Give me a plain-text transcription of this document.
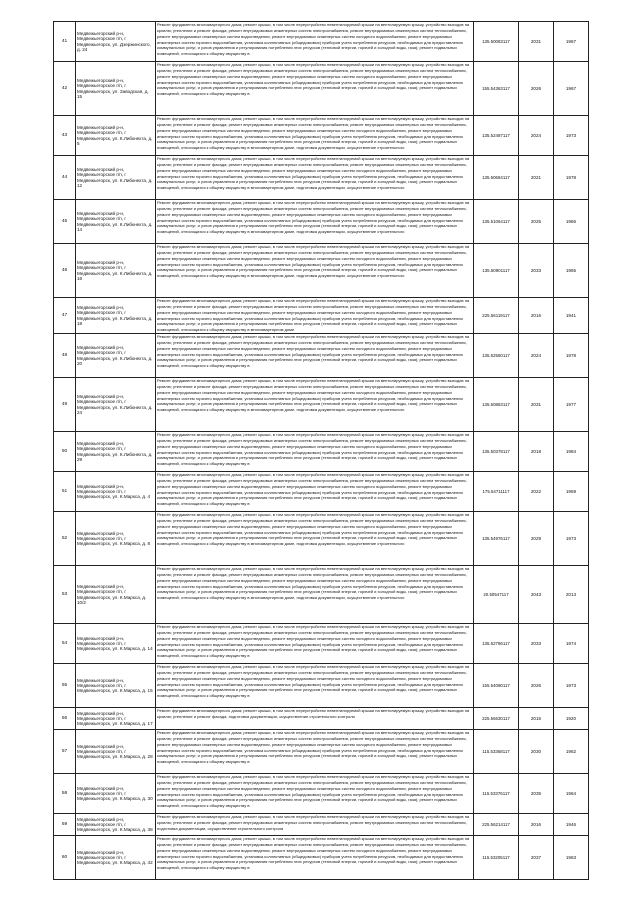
41	Медвежьегорский р-н, Медвежьегорское г/п, г Медвежьегорск, ул. Дзержинского, д. 24	Ремонт фундамента многоквартирного дома; ремонт крыши, в том числе переустройство невентилируемой крыши на вентилируемую крышу, устройство выходов на кровлю; утепление и ремонт фасада; ремонт внутридомовых инженерных систем электроснабжения, ремонт внутридомовых инженерных систем теплоснабжения, ремонт внутридомовых инженерных систем водоотведения, ремонт внутридомовых инженерных систем холодного водоснабжения, ремонт внутридомовых инженерных систем горячего водоснабжения, установка коллективных (общедомовых) приборов учета потребления ресурсов, необходимых для предоставления коммунальных услуг, и узлов управления и регулирования потребления этих ресурсов (тепловой энергии, горячей и холодной воды, газа); ремонт подвальных помещений, относящихся к общему имуществу в	135.50083117	2031	1967
42	Медвежьегорский р-н, Медвежьегорское г/п, г Медвежьегорск, ул. Заводская, д. 15	Ремонт фундамента многоквартирного дома; ремонт крыши, в том числе переустройство невентилируемой крыши на вентилируемую крышу, устройство выходов на кровлю; утепление и ремонт фасада; ремонт внутридомовых инженерных систем электроснабжения, ремонт внутридомовых инженерных систем теплоснабжения, ремонт внутридомовых инженерных систем водоотведения, ремонт внутридомовых инженерных систем холодного водоснабжения, ремонт внутридомовых инженерных систем горячего водоснабжения, установка коллективных (общедомовых) приборов учета потребления ресурсов, необходимых для предоставления коммунальных услуг, и узлов управления и регулирования потребления этих ресурсов (тепловой энергии, горячей и холодной воды, газа); ремонт подвальных помещений, относящихся к общему имуществу в	155.54363117	2026	1967
43	Медвежьегорский р-н, Медвежьегорское г/п, г Медвежьегорск, ул. К.Либкнехта, д. 5	Ремонт фундамента многоквартирного дома; ремонт крыши, в том числе переустройство невентилируемой крыши на вентилируемую крышу, устройство выходов на кровлю; утепление и ремонт фасада; ремонт внутридомовых инженерных систем электроснабжения, ремонт внутридомовых инженерных систем теплоснабжения, ремонт внутридомовых инженерных систем водоотведения, ремонт внутридомовых инженерных систем холодного водоснабжения, ремонт внутридомовых инженерных систем горячего водоснабжения, установка коллективных (общедомовых) приборов учета потребления ресурсов, необходимых для предоставления коммунальных услуг, и узлов управления и регулирования потребления этих ресурсов (тепловой энергии, горячей и холодной воды, газа); ремонт подвальных помещений, относящихся к общему имуществу в многоквартирном доме, подготовка документации, осуществление строительного	135.52487117	2024	1973
44	Медвежьегорский р-н, Медвежьегорское г/п, г Медвежьегорск, ул. К.Либкнехта, д. 12	Ремонт фундамента многоквартирного дома; ремонт крыши, в том числе переустройство невентилируемой крыши на вентилируемую крышу, устройство выходов на кровлю; утепление и ремонт фасада; ремонт внутридомовых инженерных систем электроснабжения, ремонт внутридомовых инженерных систем теплоснабжения, ремонт внутридомовых инженерных систем водоотведения, ремонт внутридомовых инженерных систем холодного водоснабжения, ремонт внутридомовых инженерных систем горячего водоснабжения, установка коллективных (общедомовых) приборов учета потребления ресурсов, необходимых для предоставления коммунальных услуг, и узлов управления и регулирования потребления этих ресурсов (тепловой энергии, горячей и холодной воды, газа); ремонт подвальных помещений, относящихся к общему имуществу в многоквартирном доме, подготовка документации, осуществление строительного	135.50684117	2021	1978
45	Медвежьегорский р-н, Медвежьегорское г/п, г Медвежьегорск, ул. К.Либкнехта, д. 14	Ремонт фундамента многоквартирного дома; ремонт крыши, в том числе переустройство невентилируемой крыши на вентилируемую крышу, устройство выходов на кровлю; утепление и ремонт фасада; ремонт внутридомовых инженерных систем электроснабжения, ремонт внутридомовых инженерных систем теплоснабжения, ремонт внутридомовых инженерных систем водоотведения, ремонт внутридомовых инженерных систем холодного водоснабжения, ремонт внутридомовых инженерных систем горячего водоснабжения, установка коллективных (общедомовых) приборов учета потребления ресурсов, необходимых для предоставления коммунальных услуг, и узлов управления и регулирования потребления этих ресурсов (тепловой энергии, горячей и холодной воды, газа); ремонт подвальных помещений, относящихся к общему имуществу в многоквартирном доме, подготовка документации, осуществление строительного	135.51064117	2025	1966
46	Медвежьегорский р-н, Медвежьегорское г/п, г Медвежьегорск, ул. К.Либкнехта, д. 16	Ремонт фундамента многоквартирного дома; ремонт крыши, в том числе переустройство невентилируемой крыши на вентилируемую крышу, устройство выходов на кровлю; утепление и ремонт фасада; ремонт внутридомовых инженерных систем электроснабжения, ремонт внутридомовых инженерных систем теплоснабжения, ремонт внутридомовых инженерных систем водоотведения, ремонт внутридомовых инженерных систем холодного водоснабжения, ремонт внутридомовых инженерных систем горячего водоснабжения, установка коллективных (общедомовых) приборов учета потребления ресурсов, необходимых для предоставления коммунальных услуг, и узлов управления и регулирования потребления этих ресурсов (тепловой энергии, горячей и холодной воды, газа); ремонт подвальных помещений, относящихся к общему имуществу в многоквартирном доме, подготовка документации, осуществление строительного	135.50901117	2033	1965
47	Медвежьегорский р-н, Медвежьегорское г/п, г Медвежьегорск, ул. К.Либкнехта, д. 18	Ремонт фундамента многоквартирного дома; ремонт крыши, в том числе переустройство невентилируемой крыши на вентилируемую крышу, устройство выходов на кровлю; утепление и ремонт фасада; ремонт внутридомовых инженерных систем электроснабжения, ремонт внутридомовых инженерных систем теплоснабжения, ремонт внутридомовых инженерных систем водоотведения, ремонт внутридомовых инженерных систем холодного водоснабжения, ремонт внутридомовых инженерных систем горячего водоснабжения, установка коллективных (общедомовых) приборов учета потребления ресурсов, необходимых для предоставления коммунальных услуг, и узлов управления и регулирования потребления этих ресурсов (тепловой энергии, горячей и холодной воды, газа); ремонт подвальных помещений, относящихся к общему имуществу в многоквартирном доме	225.56119117	2016	1941
48	Медвежьегорский р-н, Медвежьегорское г/п, г Медвежьегорск, ул. К.Либкнехта, д. 20	Ремонт фундамента многоквартирного дома; ремонт крыши, в том числе переустройство невентилируемой крыши на вентилируемую крышу, устройство выходов на кровлю; утепление и ремонт фасада; ремонт внутридомовых инженерных систем электроснабжения, ремонт внутридомовых инженерных систем теплоснабжения, ремонт внутридомовых инженерных систем водоотведения, ремонт внутридомовых инженерных систем холодного водоснабжения, ремонт внутридомовых инженерных систем горячего водоснабжения, установка коллективных (общедомовых) приборов учета потребления ресурсов, необходимых для предоставления коммунальных услуг, и узлов управления и регулирования потребления этих ресурсов (тепловой энергии, горячей и холодной воды, газа); ремонт подвальных помещений, относящихся к общему имуществу в	135.52560117	2024	1978
49	Медвежьегорский р-н, Медвежьегорское г/п, г Медвежьегорск, ул. К.Либкнехта, д. 24	Ремонт фундамента многоквартирного дома; ремонт крыши, в том числе переустройство невентилируемой крыши на вентилируемую крышу, устройство выходов на кровлю; утепление и ремонт фасада; ремонт внутридомовых инженерных систем электроснабжения, ремонт внутридомовых инженерных систем теплоснабжения, ремонт внутридомовых инженерных систем водоотведения, ремонт внутридомовых инженерных систем холодного водоснабжения, ремонт внутридомовых инженерных систем горячего водоснабжения, установка коллективных (общедомовых) приборов учета потребления ресурсов, необходимых для предоставления коммунальных услуг, и узлов управления и регулирования потребления этих ресурсов (тепловой энергии, горячей и холодной воды, газа); ремонт подвальных помещений, относящихся к общему имуществу в многоквартирном доме, подготовка документации, осуществление строительного	135.50863117	2031	1977
50	Медвежьегорский р-н, Медвежьегорское г/п, г Медвежьегорск, ул. К.Либкнехта, д. 29	Ремонт фундамента многоквартирного дома; ремонт крыши, в том числе переустройство невентилируемой крыши на вентилируемую крышу, устройство выходов на кровлю; утепление и ремонт фасада; ремонт внутридомовых инженерных систем электроснабжения, ремонт внутридомовых инженерных систем теплоснабжения, ремонт внутридомовых инженерных систем водоотведения, ремонт внутридомовых инженерных систем холодного водоснабжения, ремонт внутридомовых инженерных систем горячего водоснабжения, установка коллективных (общедомовых) приборов учета потребления ресурсов, необходимых для предоставления коммунальных услуг, и узлов управления и регулирования потребления этих ресурсов (тепловой энергии, горячей и холодной воды, газа); ремонт подвальных помещений, относящихся к общему имуществу в	135.50378117	2018	1984
51	Медвежьегорский р-н, Медвежьегорское г/п, г Медвежьегорск, ул. К.Маркса, д. 4	Ремонт фундамента многоквартирного дома; ремонт крыши, в том числе переустройство невентилируемой крыши на вентилируемую крышу, устройство выходов на кровлю; утепление и ремонт фасада; ремонт внутридомовых инженерных систем электроснабжения, ремонт внутридомовых инженерных систем теплоснабжения, ремонт внутридомовых инженерных систем водоотведения, ремонт внутридомовых инженерных систем холодного водоснабжения, ремонт внутридомовых инженерных систем горячего водоснабжения, установка коллективных (общедомовых) приборов учета потребления ресурсов, необходимых для предоставления коммунальных услуг, и узлов управления и регулирования потребления этих ресурсов (тепловой энергии, горячей и холодной воды, газа); ремонт подвальных помещений, относящихся к общему имуществу в	175.54711117	2022	1959
52	Медвежьегорский р-н, Медвежьегорское г/п, г Медвежьегорск, ул. К.Маркса, д. 8	Ремонт фундамента многоквартирного дома; ремонт крыши, в том числе переустройство невентилируемой крыши на вентилируемую крышу, устройство выходов на кровлю; утепление и ремонт фасада; ремонт внутридомовых инженерных систем электроснабжения, ремонт внутридомовых инженерных систем теплоснабжения, ремонт внутридомовых инженерных систем водоотведения, ремонт внутридомовых инженерных систем холодного водоснабжения, ремонт внутридомовых инженерных систем горячего водоснабжения, установка коллективных (общедомовых) приборов учета потребления ресурсов, необходимых для предоставления коммунальных услуг, и узлов управления и регулирования потребления этих ресурсов (тепловой энергии, горячей и холодной воды, газа); ремонт подвальных помещений, относящихся к общему имуществу в многоквартирном доме, подготовка документации, осуществление строительного	135.54976117	2029	1973
53	Медвежьегорский р-н, Медвежьегорское г/п, г Медвежьегорск, ул. К.Маркса, д. 10/2	Ремонт фундамента многоквартирного дома; ремонт крыши, в том числе переустройство невентилируемой крыши на вентилируемую крышу, устройство выходов на кровлю; утепление и ремонт фасада; ремонт внутридомовых инженерных систем электроснабжения, ремонт внутридомовых инженерных систем теплоснабжения, ремонт внутридомовых инженерных систем водоотведения, ремонт внутридомовых инженерных систем холодного водоснабжения, ремонт внутридомовых инженерных систем горячего водоснабжения, установка коллективных (общедомовых) приборов учета потребления ресурсов, необходимых для предоставления коммунальных услуг, и узлов управления и регулирования потребления этих ресурсов (тепловой энергии, горячей и холодной воды, газа); ремонт подвальных помещений, относящихся к общему имуществу в многоквартирном доме, подготовка документации, осуществление строительного	20.50547117	2043	2013
54	Медвежьегорский р-н, Медвежьегорское г/п, г Медвежьегорск, ул. К.Маркса, д. 14	Ремонт фундамента многоквартирного дома; ремонт крыши, в том числе переустройство невентилируемой крыши на вентилируемую крышу, устройство выходов на кровлю; утепление и ремонт фасада; ремонт внутридомовых инженерных систем электроснабжения, ремонт внутридомовых инженерных систем теплоснабжения, ремонт внутридомовых инженерных систем водоотведения, ремонт внутридомовых инженерных систем холодного водоснабжения, ремонт внутридомовых инженерных систем горячего водоснабжения, установка коллективных (общедомовых) приборов учета потребления ресурсов, необходимых для предоставления коммунальных услуг, и узлов управления и регулирования потребления этих ресурсов (тепловой энергии, горячей и холодной воды, газа); ремонт подвальных помещений, относящихся к общему имуществу в	135.52786117	2033	1974
55	Медвежьегорский р-н, Медвежьегорское г/п, г Медвежьегорск, ул. К.Маркса, д. 15	Ремонт фундамента многоквартирного дома; ремонт крыши, в том числе переустройство невентилируемой крыши на вентилируемую крышу, устройство выходов на кровлю; утепление и ремонт фасада; ремонт внутридомовых инженерных систем электроснабжения, ремонт внутридомовых инженерных систем теплоснабжения, ремонт внутридомовых инженерных систем водоотведения, ремонт внутридомовых инженерных систем холодного водоснабжения, ремонт внутридомовых инженерных систем горячего водоснабжения, установка коллективных (общедомовых) приборов учета потребления ресурсов, необходимых для предоставления коммунальных услуг, и узлов управления и регулирования потребления этих ресурсов (тепловой энергии, горячей и холодной воды, газа); ремонт подвальных помещений, относящихся к общему имуществу в	155.54080117	2026	1973
56	Медвежьегорский р-н, Медвежьегорское г/п, г Медвежьегорск, ул. К.Маркса, д. 17	Ремонт фундамента многоквартирного дома; ремонт крыши, в том числе переустройство невентилируемой крыши на вентилируемую крышу, устройство выходов на кровлю; утепление и ремонт фасада, подготовка документации, осуществление строительного контроля	225.56630117	2016	1920
57	Медвежьегорский р-н, Медвежьегорское г/п, г Медвежьегорск, ул. К.Маркса, д. 28	Ремонт фундамента многоквартирного дома; ремонт крыши, в том числе переустройство невентилируемой крыши на вентилируемую крышу, устройство выходов на кровлю; утепление и ремонт фасада; ремонт внутридомовых инженерных систем электроснабжения, ремонт внутридомовых инженерных систем теплоснабжения, ремонт внутридомовых инженерных систем водоотведения, ремонт внутридомовых инженерных систем холодного водоснабжения, ремонт внутридомовых инженерных систем горячего водоснабжения, установка коллективных (общедомовых) приборов учета потребления ресурсов, необходимых для предоставления коммунальных услуг, и узлов управления и регулирования потребления этих ресурсов (тепловой энергии, горячей и холодной воды, газа); ремонт подвальных помещений, относящихся к общему имуществу в	115.53368117	2030	1962
58	Медвежьегорский р-н, Медвежьегорское г/п, г Медвежьегорск, ул. К.Маркса, д. 30	Ремонт фундамента многоквартирного дома; ремонт крыши, в том числе переустройство невентилируемой крыши на вентилируемую крышу, устройство выходов на кровлю; утепление и ремонт фасада; ремонт внутридомовых инженерных систем электроснабжения, ремонт внутридомовых инженерных систем теплоснабжения, ремонт внутридомовых инженерных систем водоотведения, ремонт внутридомовых инженерных систем холодного водоснабжения, ремонт внутридомовых инженерных систем горячего водоснабжения, установка коллективных (общедомовых) приборов учета потребления ресурсов, необходимых для предоставления коммунальных услуг, и узлов управления и регулирования потребления этих ресурсов (тепловой энергии, горячей и холодной воды, газа); ремонт подвальных помещений, относящихся к общему имуществу в	115.53376117	2035	1964
59	Медвежьегорский р-н, Медвежьегорское г/п, г Медвежьегорск, ул. К.Маркса, д. 38	Ремонт фундамента многоквартирного дома; ремонт крыши, в том числе переустройство невентилируемой крыши на вентилируемую крышу, устройство выходов на кровлю; утепление и ремонт фасада; ремонт внутридомовых инженерных систем электроснабжения, ремонт внутридомовых инженерных систем теплоснабжения, подготовка документации, осуществление строительного контроля	225.56214117	2016	1946
60	Медвежьегорский р-н, Медвежьегорское г/п, г Медвежьегорск, ул. К.Маркса, д. 42	Ремонт фундамента многоквартирного дома; ремонт крыши, в том числе переустройство невентилируемой крыши на вентилируемую крышу, устройство выходов на кровлю; утепление и ремонт фасада; ремонт внутридомовых инженерных систем электроснабжения, ремонт внутридомовых инженерных систем теплоснабжения, ремонт внутридомовых инженерных систем водоотведения, ремонт внутридомовых инженерных систем холодного водоснабжения, ремонт внутридомовых инженерных систем горячего водоснабжения, установка коллективных (общедомовых) приборов учета потребления ресурсов, необходимых для предоставления коммунальных услуг, и узлов управления и регулирования потребления этих ресурсов (тепловой энергии, горячей и холодной воды, газа); ремонт подвальных помещений, относящихся к общему имуществу в	115.53205117	2037	1963
